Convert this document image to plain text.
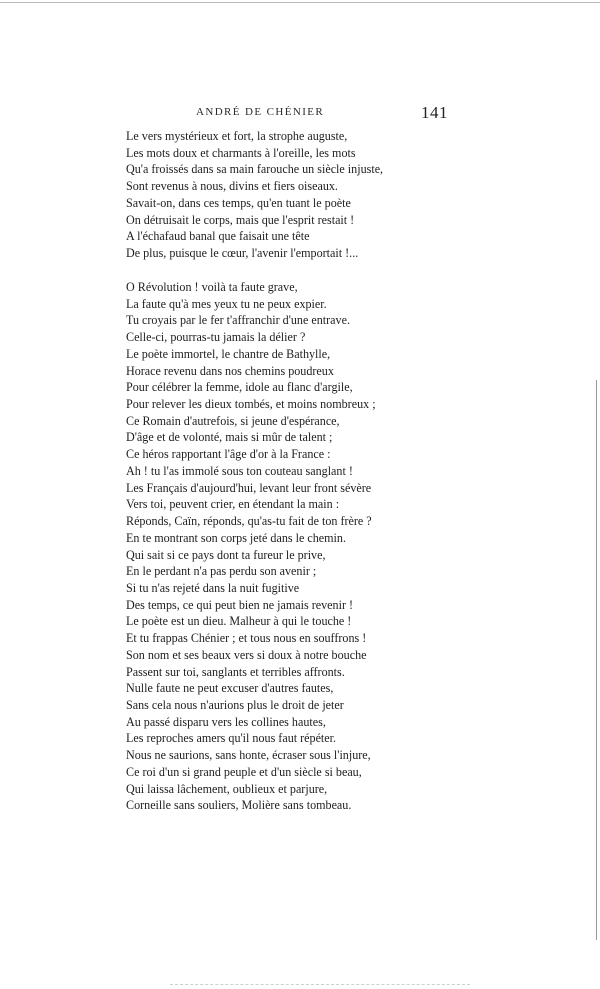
ANDRÉ DE CHÉNIER	141
Le vers mystérieux et fort, la strophe auguste,
Les mots doux et charmants à l'oreille, les mots
Qu'a froissés dans sa main farouche un siècle injuste,
Sont revenus à nous, divins et fiers oiseaux.
Savait-on, dans ces temps, qu'en tuant le poète
On détruisait le corps, mais que l'esprit restait !
A l'échafaud banal que faisait une tête
De plus, puisque le cœur, l'avenir l'emportait !...
O Révolution ! voilà ta faute grave,
La faute qu'à mes yeux tu ne peux expier.
Tu croyais par le fer t'affranchir d'une entrave.
Celle-ci, pourras-tu jamais la délier ?
Le poète immortel, le chantre de Bathylle,
Horace revenu dans nos chemins poudreux
Pour célébrer la femme, idole au flanc d'argile,
Pour relever les dieux tombés, et moins nombreux ;
Ce Romain d'autrefois, si jeune d'espérance,
D'âge et de volonté, mais si mûr de talent ;
Ce héros rapportant l'âge d'or à la France :
Ah ! tu l'as immolé sous ton couteau sanglant !
Les Français d'aujourd'hui, levant leur front sévère
Vers toi, peuvent crier, en étendant la main :
Réponds, Caïn, réponds, qu'as-tu fait de ton frère ?
En te montrant son corps jeté dans le chemin.
Qui sait si ce pays dont ta fureur le prive,
En le perdant n'a pas perdu son avenir ;
Si tu n'as rejeté dans la nuit fugitive
Des temps, ce qui peut bien ne jamais revenir !
Le poète est un dieu. Malheur à qui le touche !
Et tu frappas Chénier ; et tous nous en souffrons !
Son nom et ses beaux vers si doux à notre bouche
Passent sur toi, sanglants et terribles affronts.
Nulle faute ne peut excuser d'autres fautes,
Sans cela nous n'aurions plus le droit de jeter
Au passé disparu vers les collines hautes,
Les reproches amers qu'il nous faut répéter.
Nous ne saurions, sans honte, écraser sous l'injure,
Ce roi d'un si grand peuple et d'un siècle si beau,
Qui laissa lâchement, oublieux et parjure,
Corneille sans souliers, Molière sans tombeau.
